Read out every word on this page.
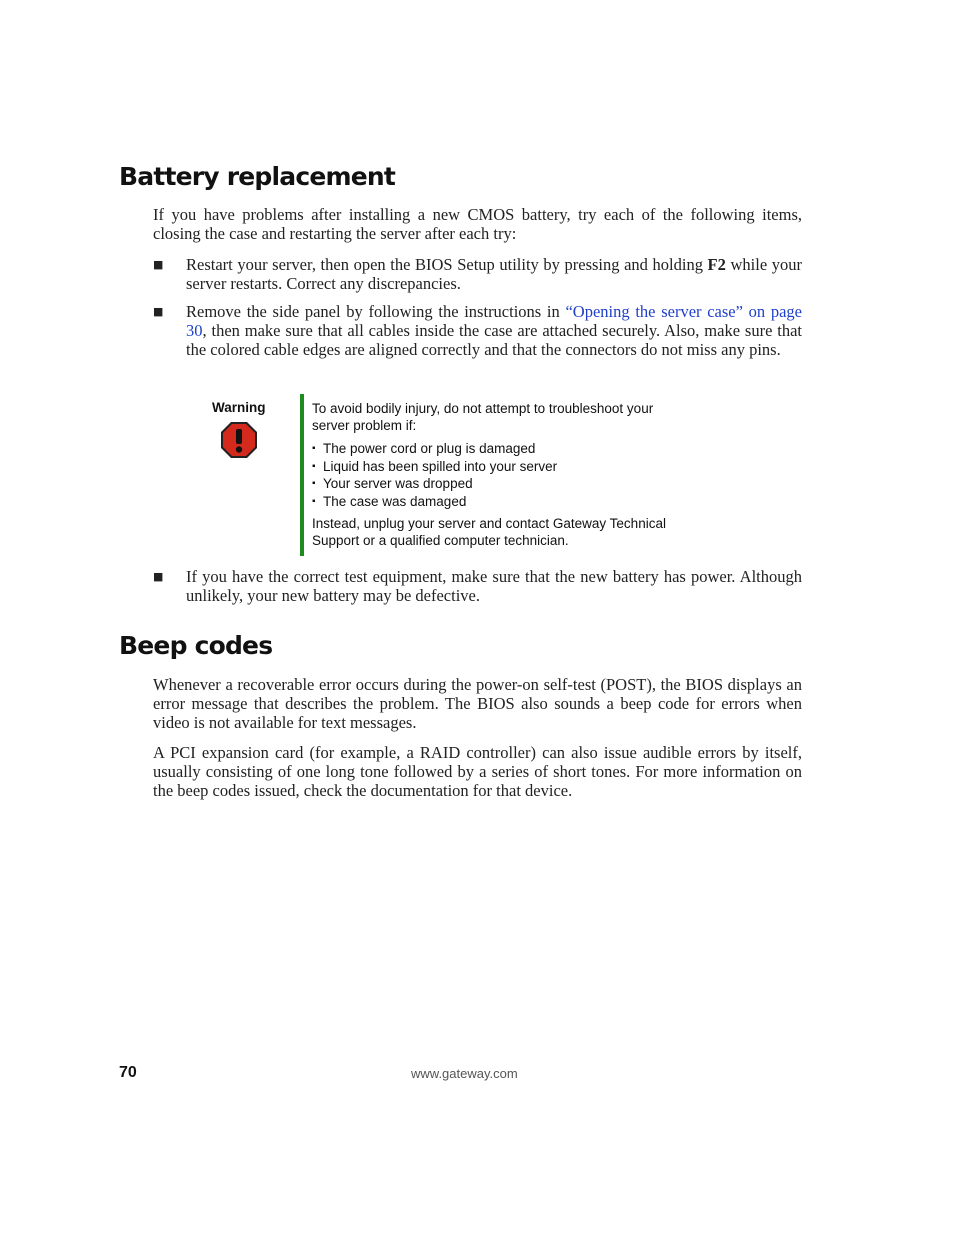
Battery replacement

If you have problems after installing a new CMOS battery, try each of the following items, closing the case and restarting the server after each try:

■ Restart your server, then open the BIOS Setup utility by pressing and holding F2 while your server restarts. Correct any discrepancies.
■ Remove the side panel by following the instructions in “Opening the server case” on page 30, then make sure that all cables inside the case are attached securely. Also, make sure that the colored cable edges are aligned correctly and that the connectors do not miss any pins.
Warning	To avoid bodily injury, do not attempt to troubleshoot your server problem if:
▪ The power cord or plug is damaged
▪ Liquid has been spilled into your server
▪ Your server was dropped
▪ The case was damaged
Instead, unplug your server and contact Gateway Technical Support or a qualified computer technician.
■ If you have the correct test equipment, make sure that the new battery has power. Although unlikely, your new battery may be defective.
Beep codes

Whenever a recoverable error occurs during the power-on self-test (POST), the BIOS displays an error message that describes the problem. The BIOS also sounds a beep code for errors when video is not available for text messages.

A PCI expansion card (for example, a RAID controller) can also issue audible errors by itself, usually consisting of one long tone followed by a series of short tones. For more information on the beep codes issued, check the documentation for that device.

70	www.gateway.com
